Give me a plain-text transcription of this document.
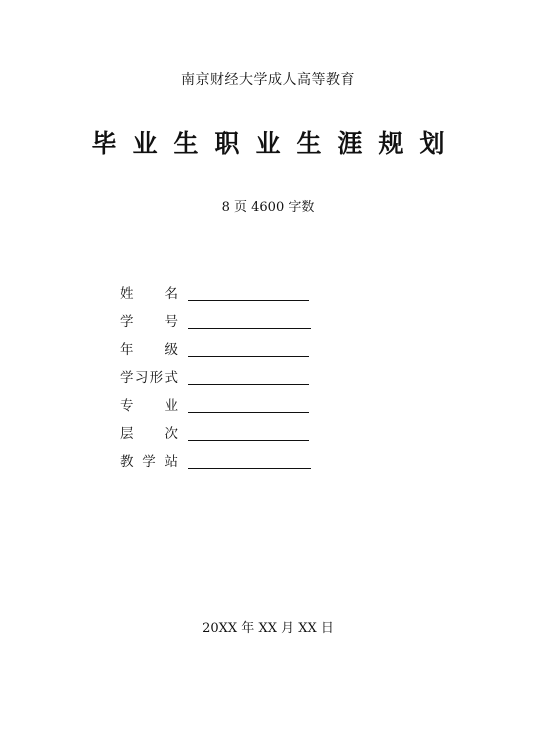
南京财经大学成人高等教育
毕业生职业生涯规划
8 页 4600 字数
姓　　名
学　　号
年　　级
学习形式
专　　业
层　　次
教学站
20XX 年 XX 月 XX 日
